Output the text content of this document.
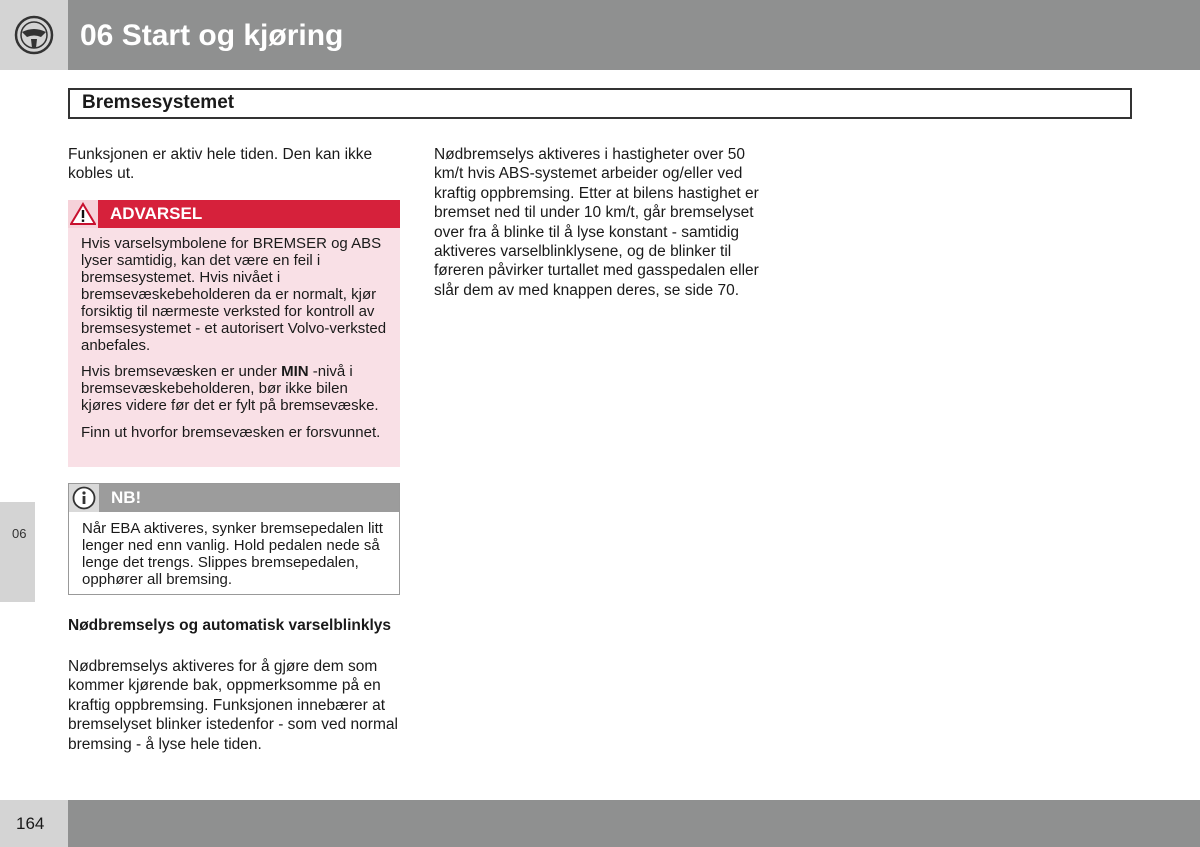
06 Start og kjøring
Bremsesystemet

Funksjonen er aktiv hele tiden. Den kan ikke kobles ut.

ADVARSEL

Hvis varselsymbolene for BREMSER og ABS lyser samtidig, kan det være en feil i bremsesystemet. Hvis nivået i bremsevæskebeholderen da er normalt, kjør forsiktig til nærmeste verksted for kontroll av bremsesystemet - et autorisert Volvo-verksted anbefales.

Hvis bremsevæsken er under MIN -nivå i bremsevæskebeholderen, bør ikke bilen kjøres videre før det er fylt på bremsevæske.

Finn ut hvorfor bremsevæsken er forsvunnet.

NB!

Når EBA aktiveres, synker bremsepedalen litt lenger ned enn vanlig. Hold pedalen nede så lenge det trengs. Slippes bremsepedalen, opphører all bremsing.

Nødbremselys og automatisk varselblinklys

Nødbremselys aktiveres for å gjøre dem som kommer kjørende bak, oppmerksomme på en kraftig oppbremsing. Funksjonen innebærer at bremselyset blinker istedenfor - som ved normal bremsing - å lyse hele tiden.

Nødbremselys aktiveres i hastigheter over 50 km/t hvis ABS-systemet arbeider og/eller ved kraftig oppbremsing. Etter at bilens hastighet er bremset ned til under 10 km/t, går bremselyset over fra å blinke til å lyse konstant - samtidig aktiveres varselblinklysene, og de blinker til føreren påvirker turtallet med gasspedalen eller slår dem av med knappen deres, se side 70.

06
164
